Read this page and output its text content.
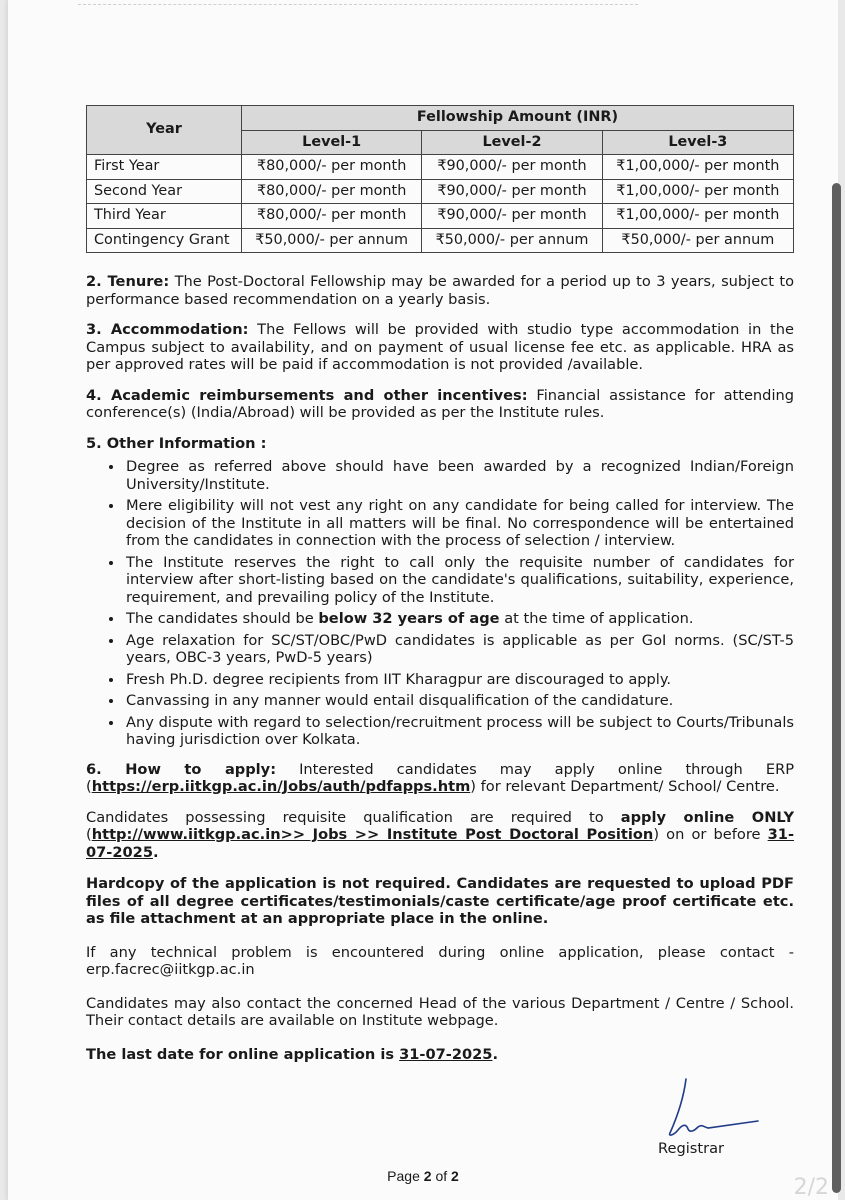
Year	Fellowship Amount (INR)		
	Level-1	Level-2	Level-3
First Year	₹80,000/- per month	₹90,000/- per month	₹1,00,000/- per month
Second Year	₹80,000/- per month	₹90,000/- per month	₹1,00,000/- per month
Third Year	₹80,000/- per month	₹90,000/- per month	₹1,00,000/- per month
Contingency Grant	₹50,000/- per annum	₹50,000/- per annum	₹50,000/- per annum
2. Tenure: The Post-Doctoral Fellowship may be awarded for a period up to 3 years, subject to performance based recommendation on a yearly basis.
3. Accommodation: The Fellows will be provided with studio type accommodation in the Campus subject to availability, and on payment of usual license fee etc. as applicable. HRA as per approved rates will be paid if accommodation is not provided /available.
4. Academic reimbursements and other incentives: Financial assistance for attending conference(s) (India/Abroad) will be provided as per the Institute rules.
5. Other Information :
• Degree as referred above should have been awarded by a recognized Indian/Foreign University/Institute.
• Mere eligibility will not vest any right on any candidate for being called for interview. The decision of the Institute in all matters will be final. No correspondence will be entertained from the candidates in connection with the process of selection / interview.
• The Institute reserves the right to call only the requisite number of candidates for interview after short-listing based on the candidate's qualifications, suitability, experience, requirement, and prevailing policy of the Institute.
• The candidates should be below 32 years of age at the time of application.
• Age relaxation for SC/ST/OBC/PwD candidates is applicable as per GoI norms. (SC/ST-5 years, OBC-3 years, PwD-5 years)
• Fresh Ph.D. degree recipients from IIT Kharagpur are discouraged to apply.
• Canvassing in any manner would entail disqualification of the candidature.
• Any dispute with regard to selection/recruitment process will be subject to Courts/Tribunals having jurisdiction over Kolkata.
6. How to apply: Interested candidates may apply online through ERP (https://erp.iitkgp.ac.in/Jobs/auth/pdfapps.htm) for relevant Department/ School/ Centre.
Candidates possessing requisite qualification are required to apply online ONLY (http://www.iitkgp.ac.in>> Jobs >> Institute Post Doctoral Position) on or before 31-07-2025.
Hardcopy of the application is not required. Candidates are requested to upload PDF files of all degree certificates/testimonials/caste certificate/age proof certificate etc. as file attachment at an appropriate place in the online.
If any technical problem is encountered during online application, please contact - erp.facrec@iitkgp.ac.in
Candidates may also contact the concerned Head of the various Department / Centre / School. Their contact details are available on Institute webpage.
The last date for online application is 31-07-2025.
Registrar
Page 2 of 2	2/2
